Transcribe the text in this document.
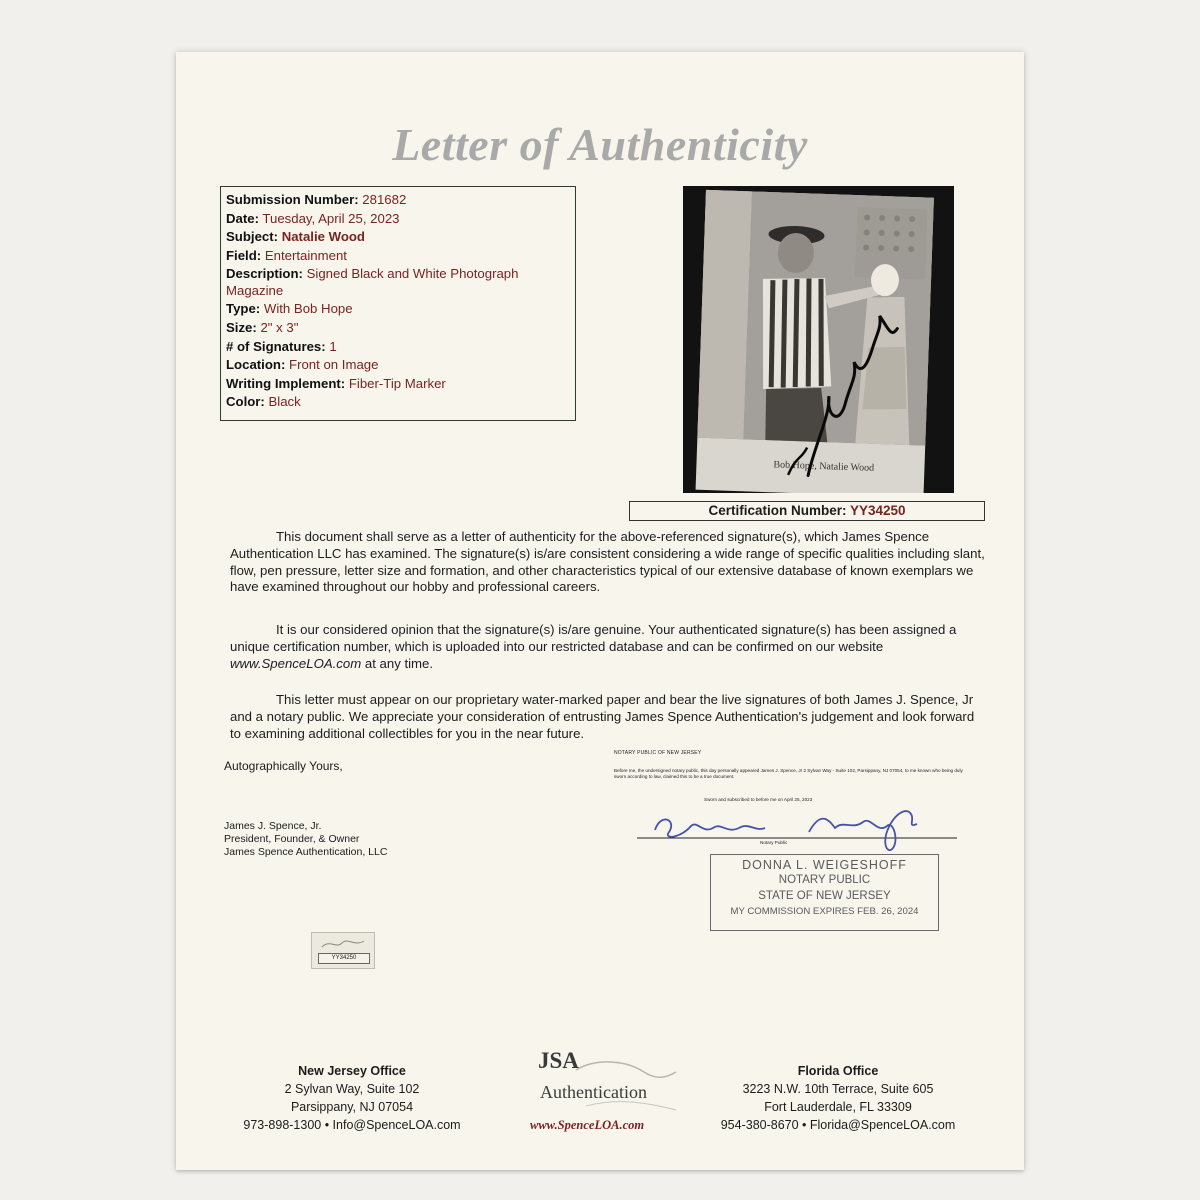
Letter of Authenticity
Submission Number: 281682
Date: Tuesday, April 25, 2023
Subject: Natalie Wood
Field: Entertainment
Description: Signed Black and White Photograph Magazine
Type: With Bob Hope
Size: 2" x 3"
# of Signatures: 1
Location: Front on Image
Writing Implement: Fiber-Tip Marker
Color: Black
Bob Hope, Natalie Wood
Certification Number: YY34250
This document shall serve as a letter of authenticity for the above-referenced signature(s), which James Spence Authentication LLC has examined. The signature(s) is/are consistent considering a wide range of specific qualities including slant, flow, pen pressure, letter size and formation, and other characteristics typical of our extensive database of known exemplars we have examined throughout our hobby and professional careers.
It is our considered opinion that the signature(s) is/are genuine. Your authenticated signature(s) has been assigned a unique certification number, which is uploaded into our restricted database and can be confirmed on our website www.SpenceLOA.com at any time.
This letter must appear on our proprietary water-marked paper and bear the live signatures of both James J. Spence, Jr and a notary public. We appreciate your consideration of entrusting James Spence Authentication's judgement and look forward to examining additional collectibles for you in the near future.
Autographically Yours,
James J. Spence, Jr.
President, Founder, & Owner
James Spence Authentication, LLC
NOTARY PUBLIC OF NEW JERSEY
Before me, the undersigned notary public, this day personally appeared James J. Spence, Jr 2 Sylvan Way - Suite 102, Parsippany, NJ 07054, to me known who being duly sworn according to law, claimed this to be a true document.
Sworn and subscribed to before me on April 25, 2023
Notary Public
DONNA L. WEIGESHOFF
NOTARY PUBLIC
STATE OF NEW JERSEY
MY COMMISSION EXPIRES FEB. 26, 2024
YY34250
New Jersey Office
2 Sylvan Way, Suite 102
Parsippany, NJ 07054
973-898-1300 • Info@SpenceLOA.com
JSA
Authentication
www.SpenceLOA.com
Florida Office
3223 N.W. 10th Terrace, Suite 605
Fort Lauderdale, FL 33309
954-380-8670 • Florida@SpenceLOA.com
